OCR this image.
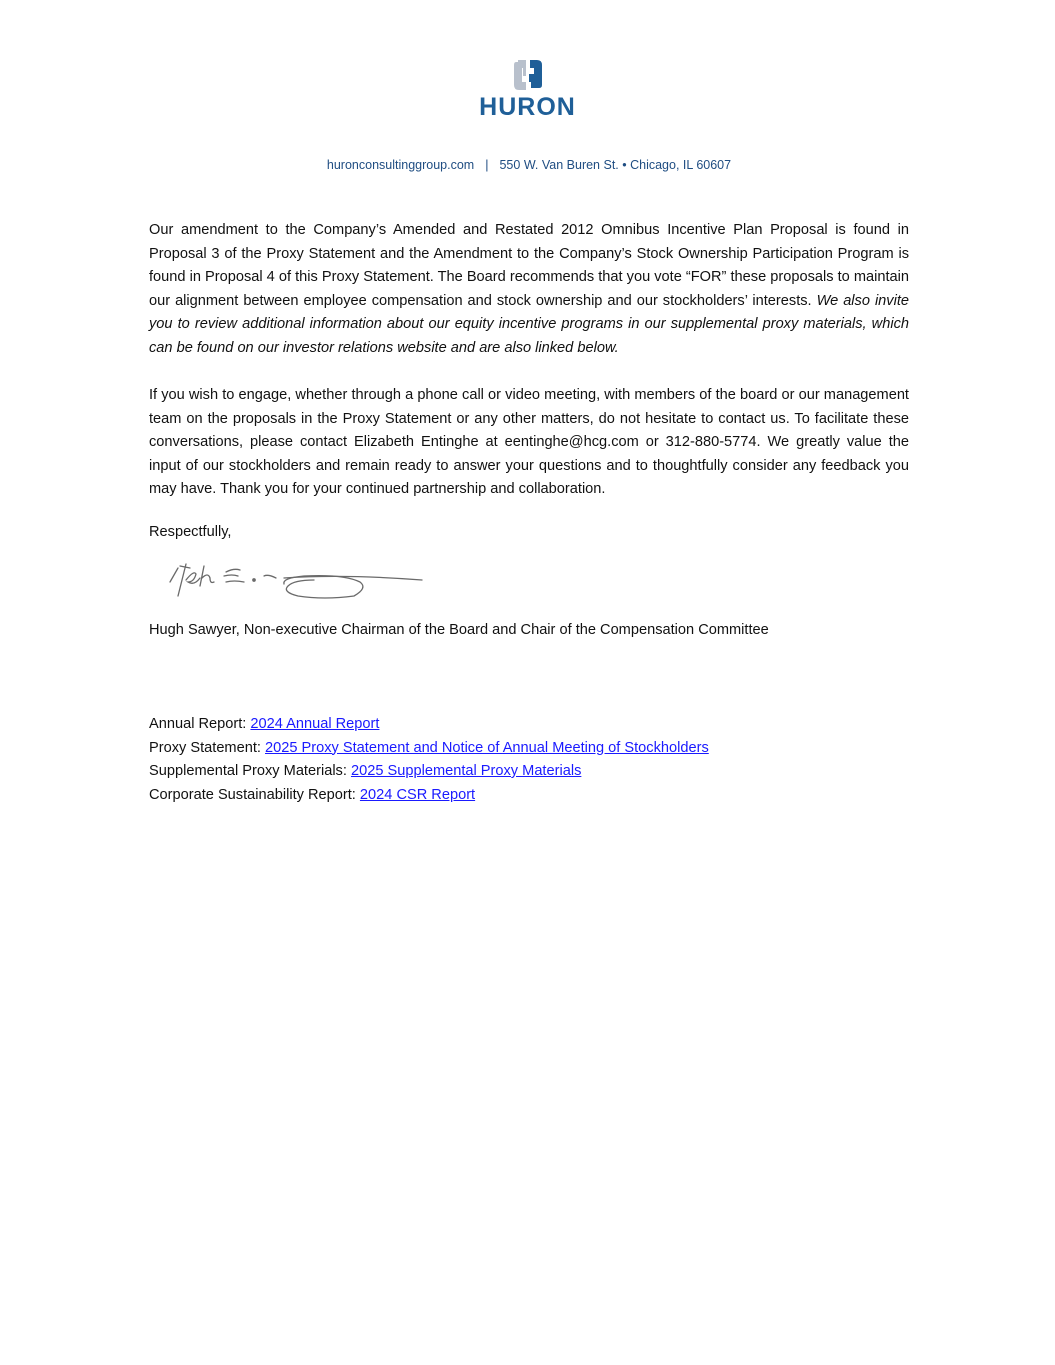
HURON
huronconsultinggroup.com | 550 W. Van Buren St. • Chicago, IL 60607
Our amendment to the Company’s Amended and Restated 2012 Omnibus Incentive Plan Proposal is found in Proposal 3 of the Proxy Statement and the Amendment to the Company’s Stock Ownership Participation Program is found in Proposal 4 of this Proxy Statement. The Board recommends that you vote “FOR” these proposals to maintain our alignment between employee compensation and stock ownership and our stockholders’ interests. We also invite you to review additional information about our equity incentive programs in our supplemental proxy materials, which can be found on our investor relations website and are also linked below.
If you wish to engage, whether through a phone call or video meeting, with members of the board or our management team on the proposals in the Proxy Statement or any other matters, do not hesitate to contact us. To facilitate these conversations, please contact Elizabeth Entinghe at eentinghe@hcg.com or 312-880-5774. We greatly value the input of our stockholders and remain ready to answer your questions and to thoughtfully consider any feedback you may have. Thank you for your continued partnership and collaboration.
Respectfully,
Hugh Sawyer, Non-executive Chairman of the Board and Chair of the Compensation Committee
Annual Report: 2024 Annual Report
Proxy Statement: 2025 Proxy Statement and Notice of Annual Meeting of Stockholders
Supplemental Proxy Materials: 2025 Supplemental Proxy Materials
Corporate Sustainability Report: 2024 CSR Report
